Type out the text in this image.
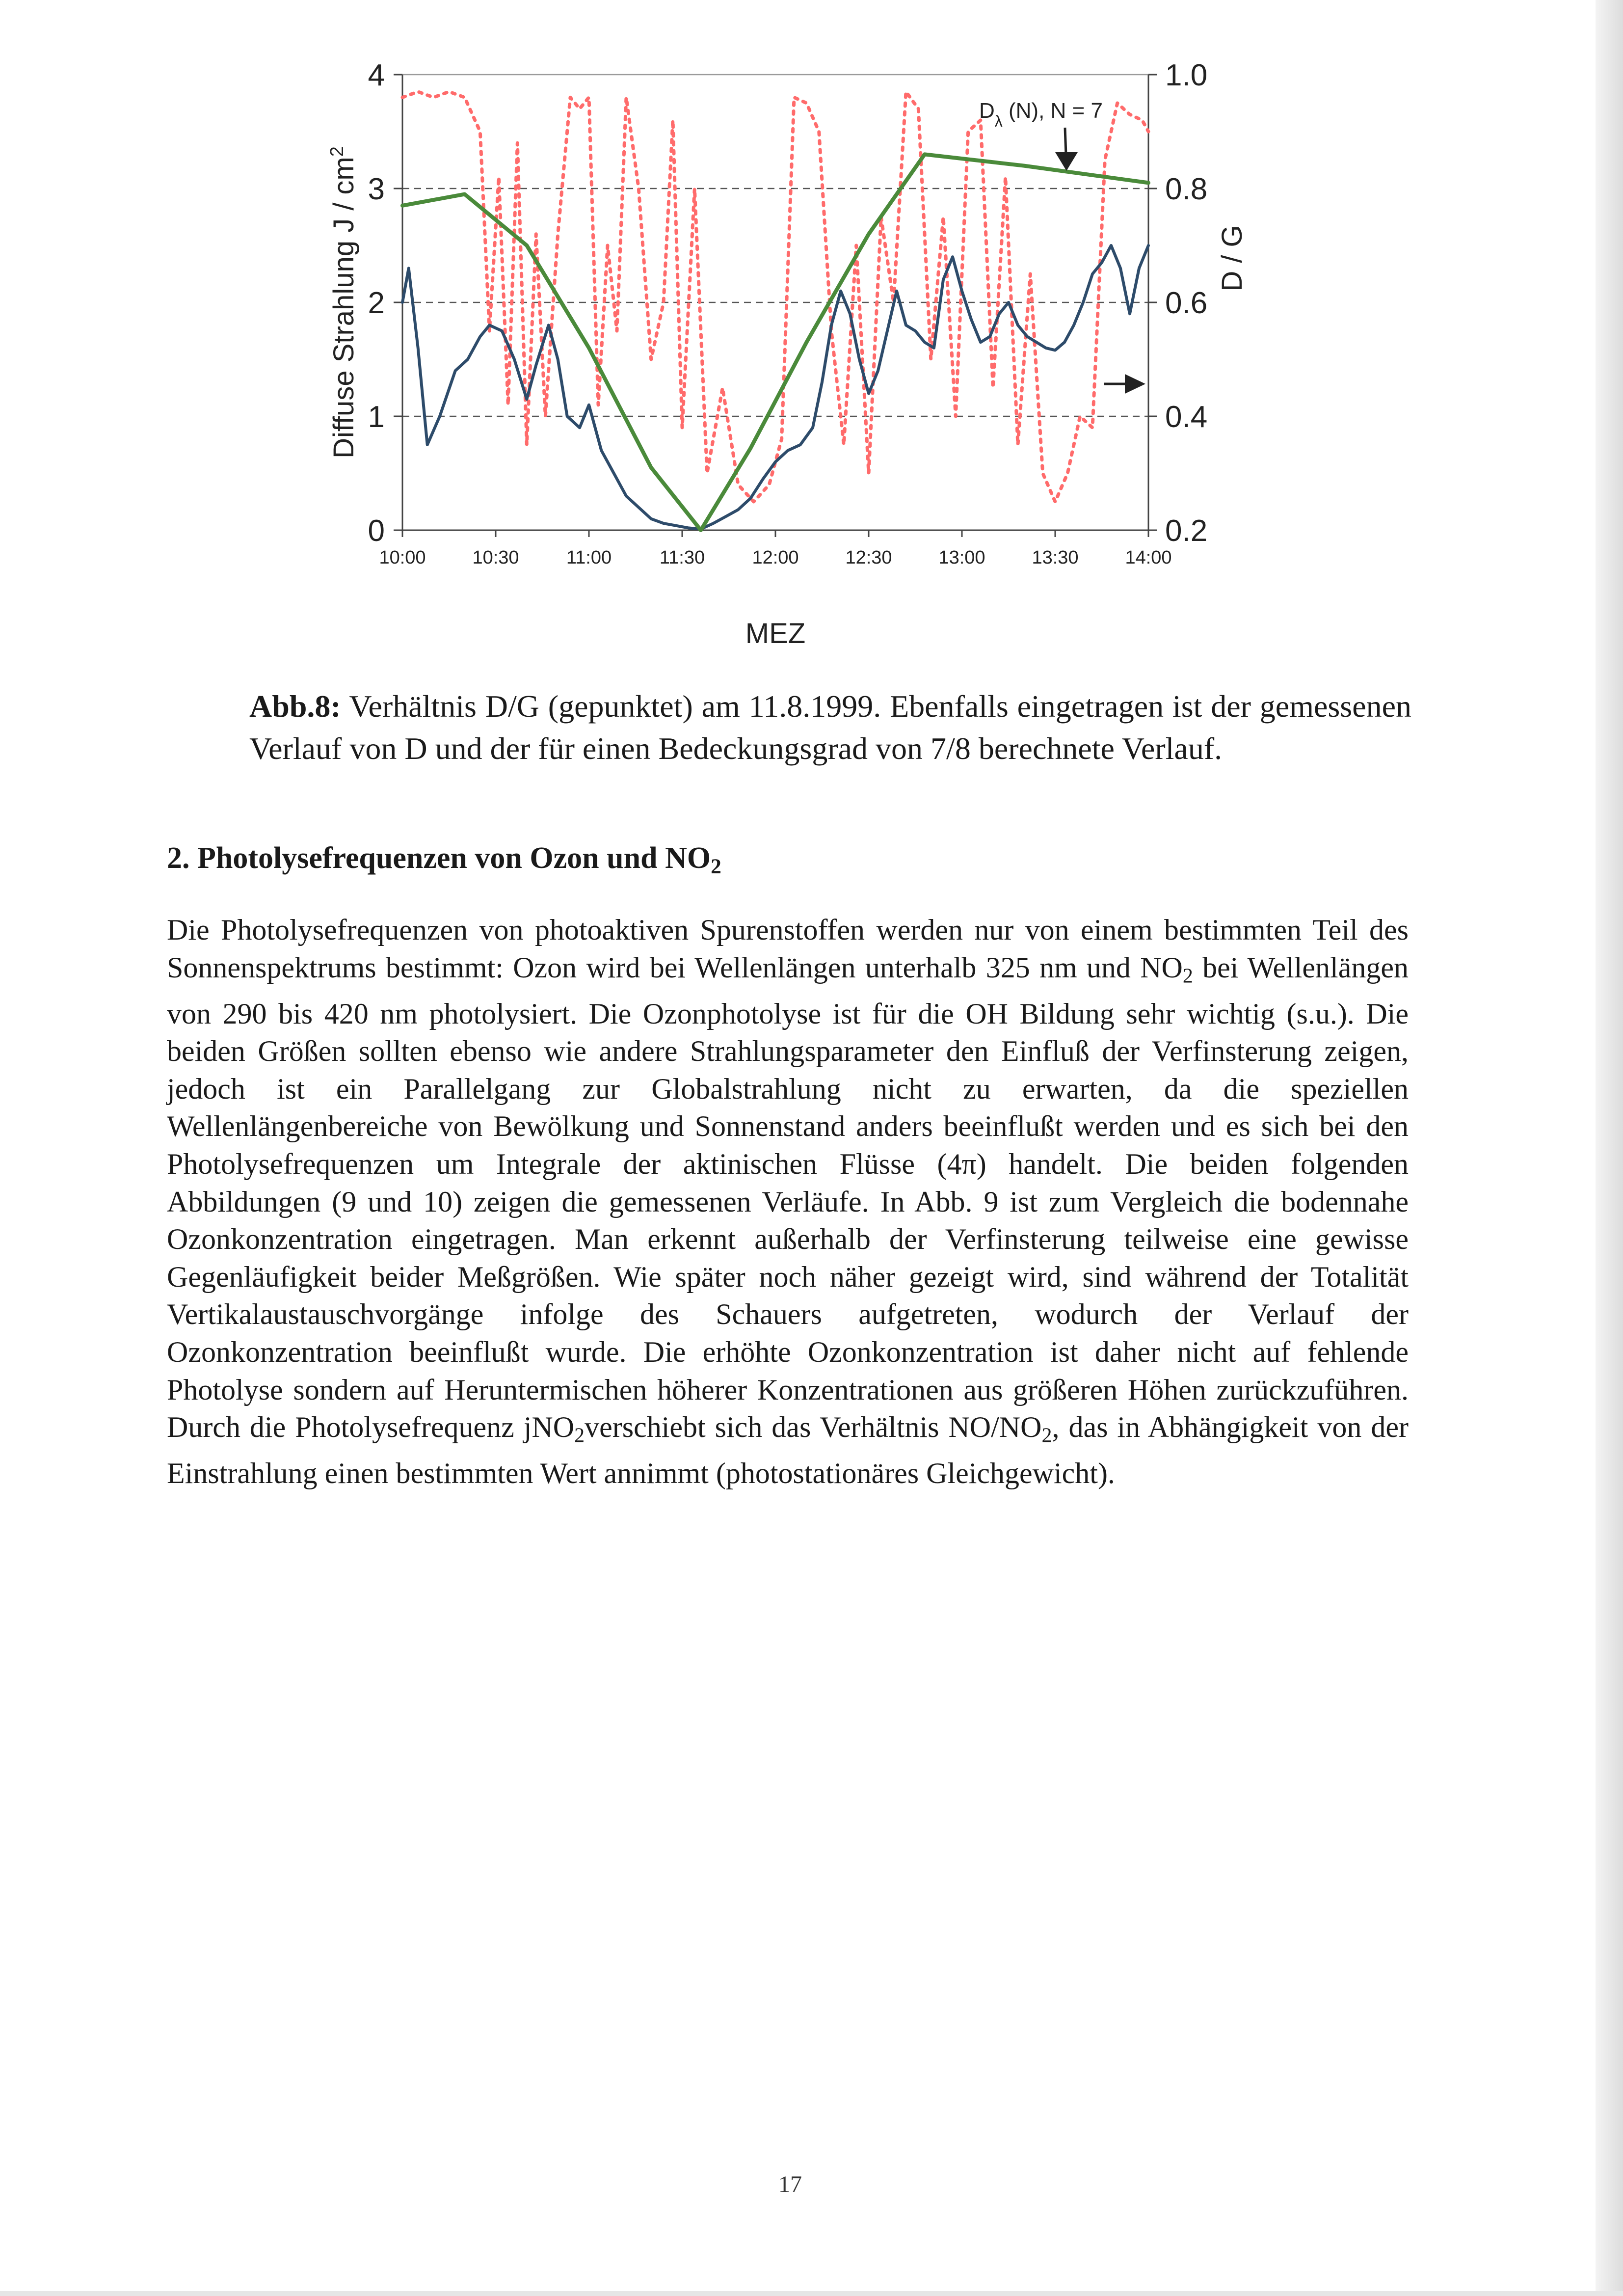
0
1
2
3
4
0.2
0.4
0.6
0.8
1.0
10:00 10:30	11:00	11:30	12:00 12:30 13:00 13:30 14:00
Diffuse Strahlung J / $cm^2$
D / G
MEZ
$D_\lambda$ (N), N = 7
Abb.8: Verhältnis D/G (gepunktet) am 11.8.1999. Ebenfalls eingetragen ist der gemessenen Verlauf von D und der für einen Bedeckungsgrad von 7/8 berechnete Verlauf.
2. Photolysefrequenzen von Ozon und $NO_2$
Die Photolysefrequenzen von photoaktiven Spurenstoffen werden nur von einem bestimmten Teil des Sonnenspektrums bestimmt: Ozon wird bei Wellenlängen unterhalb 325 nm und $NO_2$ bei Wellenlängen von 290 bis 420 nm photolysiert. Die Ozonphotolyse ist für die OH Bildung sehr wichtig (s.u.). Die beiden Größen sollten ebenso wie andere Strahlungsparameter den Einfluß der Verfinsterung zeigen, jedoch ist ein Parallelgang zur Globalstrahlung nicht zu erwarten, da die speziellen Wellenlängenbereiche von Bewölkung und Sonnenstand anders beeinflußt werden und es sich bei den Photolysefrequenzen um Integrale der aktinischen Flüsse (4π) handelt. Die beiden folgenden Abbildungen (9 und 10) zeigen die gemessenen Verläufe. In Abb. 9 ist zum Vergleich die bodennahe Ozonkonzentration eingetragen. Man erkennt außerhalb der Verfinsterung teilweise eine gewisse Gegenläufigkeit beider Meßgrößen. Wie später noch näher gezeigt wird, sind während der Totalität Vertikalaustauschvorgänge infolge des Schauers aufgetreten, wodurch der Verlauf der Ozonkonzentration beeinflußt wurde. Die erhöhte Ozonkonzentration ist daher nicht auf fehlende Photolyse sondern auf Heruntermischen höherer Konzentrationen aus größeren Höhen zurückzuführen. Durch die Photolysefrequenz jNO$_2$verschiebt sich das Verhältnis $NO/NO_2$, das in Abhängigkeit von der Einstrahlung einen bestimmten Wert annimmt (photostationäres Gleichgewicht).
17
